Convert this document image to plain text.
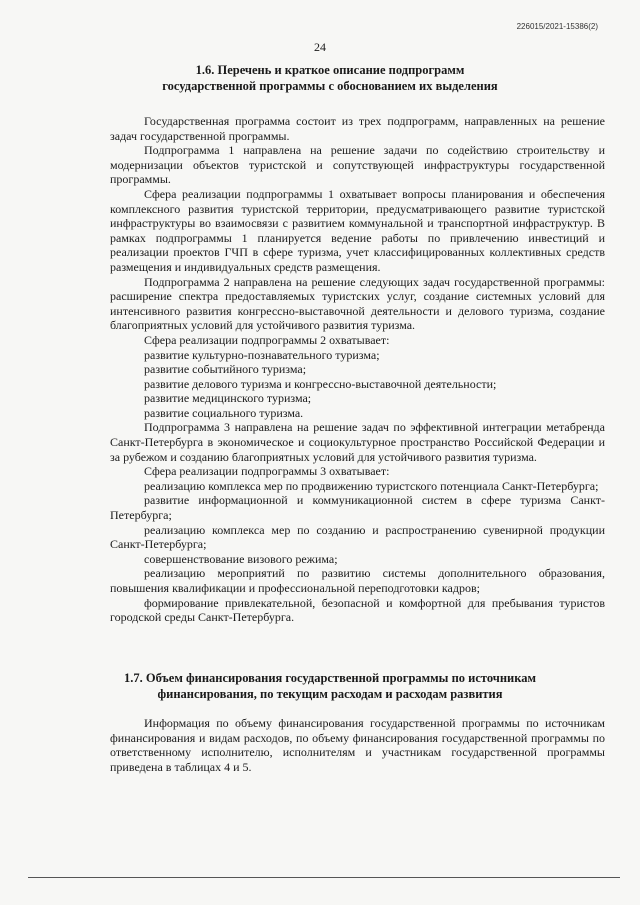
226015/2021-15386(2)
24
1.6. Перечень и краткое описание подпрограмм
государственной программы с обоснованием их выделения

Государственная программа состоит из трех подпрограмм, направленных на решение задач государственной программы.

Подпрограмма 1 направлена на решение задачи по содействию строительству и модернизации объектов туристской и сопутствующей инфраструктуры государственной программы.

Сфера реализации подпрограммы 1 охватывает вопросы планирования и обеспечения комплексного развития туристской территории, предусматривающего развитие туристской инфраструктуры во взаимосвязи с развитием коммунальной и транспортной инфраструктур. В рамках подпрограммы 1 планируется ведение работы по привлечению инвестиций и реализации проектов ГЧП в сфере туризма, учет классифицированных коллективных средств размещения и индивидуальных средств размещения.

Подпрограмма 2 направлена на решение следующих задач государственной программы: расширение спектра предоставляемых туристских услуг, создание системных условий для интенсивного развития конгрессно-выставочной деятельности и делового туризма, создание благоприятных условий для устойчивого развития туризма.

Сфера реализации подпрограммы 2 охватывает:

развитие культурно-познавательного туризма;

развитие событийного туризма;

развитие делового туризма и конгрессно-выставочной деятельности;

развитие медицинского туризма;

развитие социального туризма.

Подпрограмма 3 направлена на решение задач по эффективной интеграции метабренда Санкт-Петербурга в экономическое и социокультурное пространство Российской Федерации и за рубежом и созданию благоприятных условий для устойчивого развития туризма.

Сфера реализации подпрограммы 3 охватывает:

реализацию комплекса мер по продвижению туристского потенциала Санкт-Петербурга;

развитие информационной и коммуникационной систем в сфере туризма Санкт-Петербурга;

реализацию комплекса мер по созданию и распространению сувенирной продукции Санкт-Петербурга;

совершенствование визового режима;

реализацию мероприятий по развитию системы дополнительного образования, повышения квалификации и профессиональной переподготовки кадров;

формирование привлекательной, безопасной и комфортной для пребывания туристов городской среды Санкт-Петербурга.

1.7. Объем финансирования государственной программы по источникам
финансирования, по текущим расходам и расходам развития

Информация по объему финансирования государственной программы по источникам финансирования и видам расходов, по объему финансирования государственной программы по ответственному исполнителю, исполнителям и участникам государственной программы приведена в таблицах 4 и 5.
